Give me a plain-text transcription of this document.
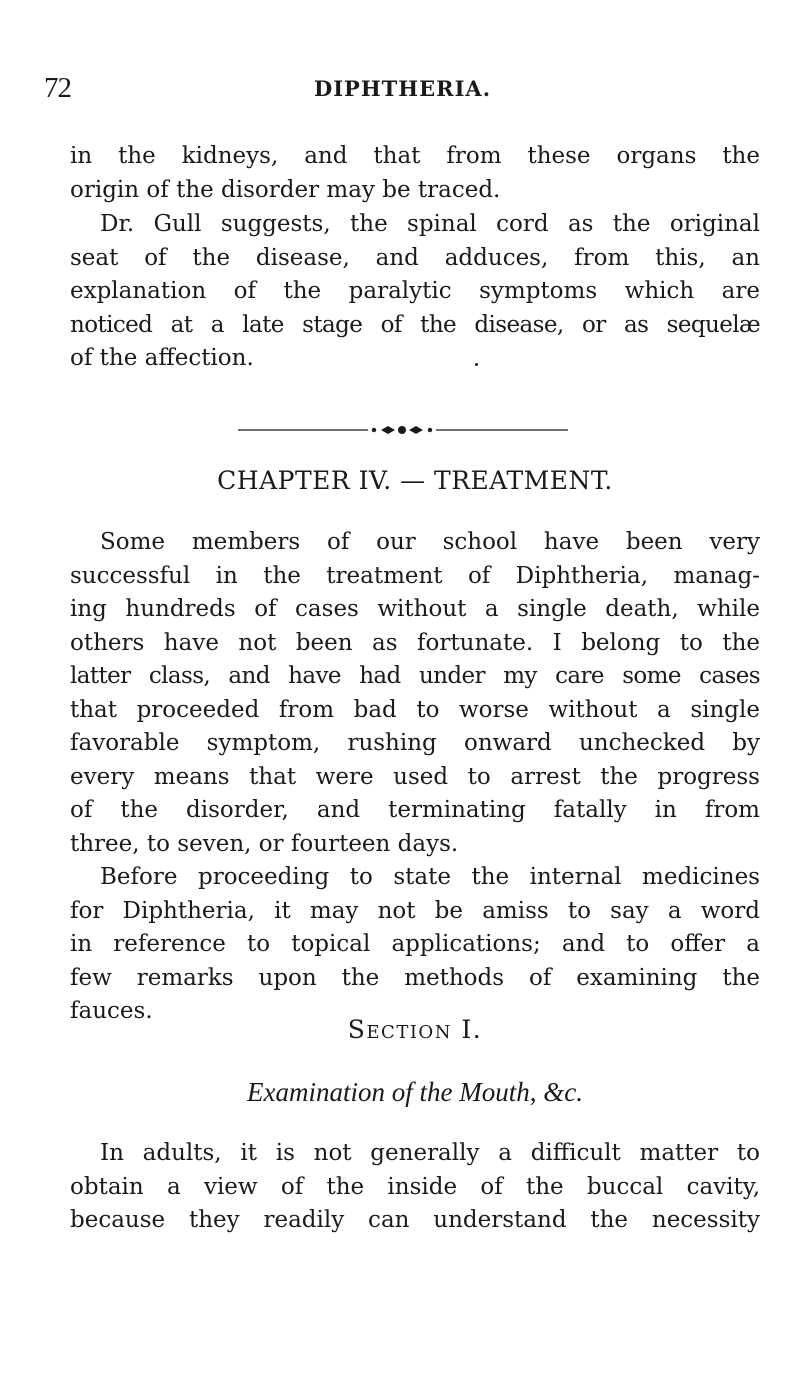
72	DIPHTHERIA.
in the kidneys, and that from these organs the
origin of the disorder may be traced.
Dr. Gull suggests, the spinal cord as the original
seat of the disease, and adduces, from this, an
explanation of the paralytic symptoms which are
noticed at a late stage of the disease, or as sequelæ
of the affection.
CHAPTER IV. — TREATMENT.
Some members of our school have been very
successful in the treatment of Diphtheria, manag-
ing hundreds of cases without a single death, while
others have not been as fortunate. I belong to the
latter class, and have had under my care some cases
that proceeded from bad to worse without a single
favorable symptom, rushing onward unchecked by
every means that were used to arrest the progress
of the disorder, and terminating fatally in from
three, to seven, or fourteen days.
Before proceeding to state the internal medicines
for Diphtheria, it may not be amiss to say a word
in reference to topical applications; and to offer a
few remarks upon the methods of examining the
fauces.
Section I.
Examination of the Mouth, &c.
In adults, it is not generally a difficult matter to
obtain a view of the inside of the buccal cavity,
because they readily can understand the necessity
